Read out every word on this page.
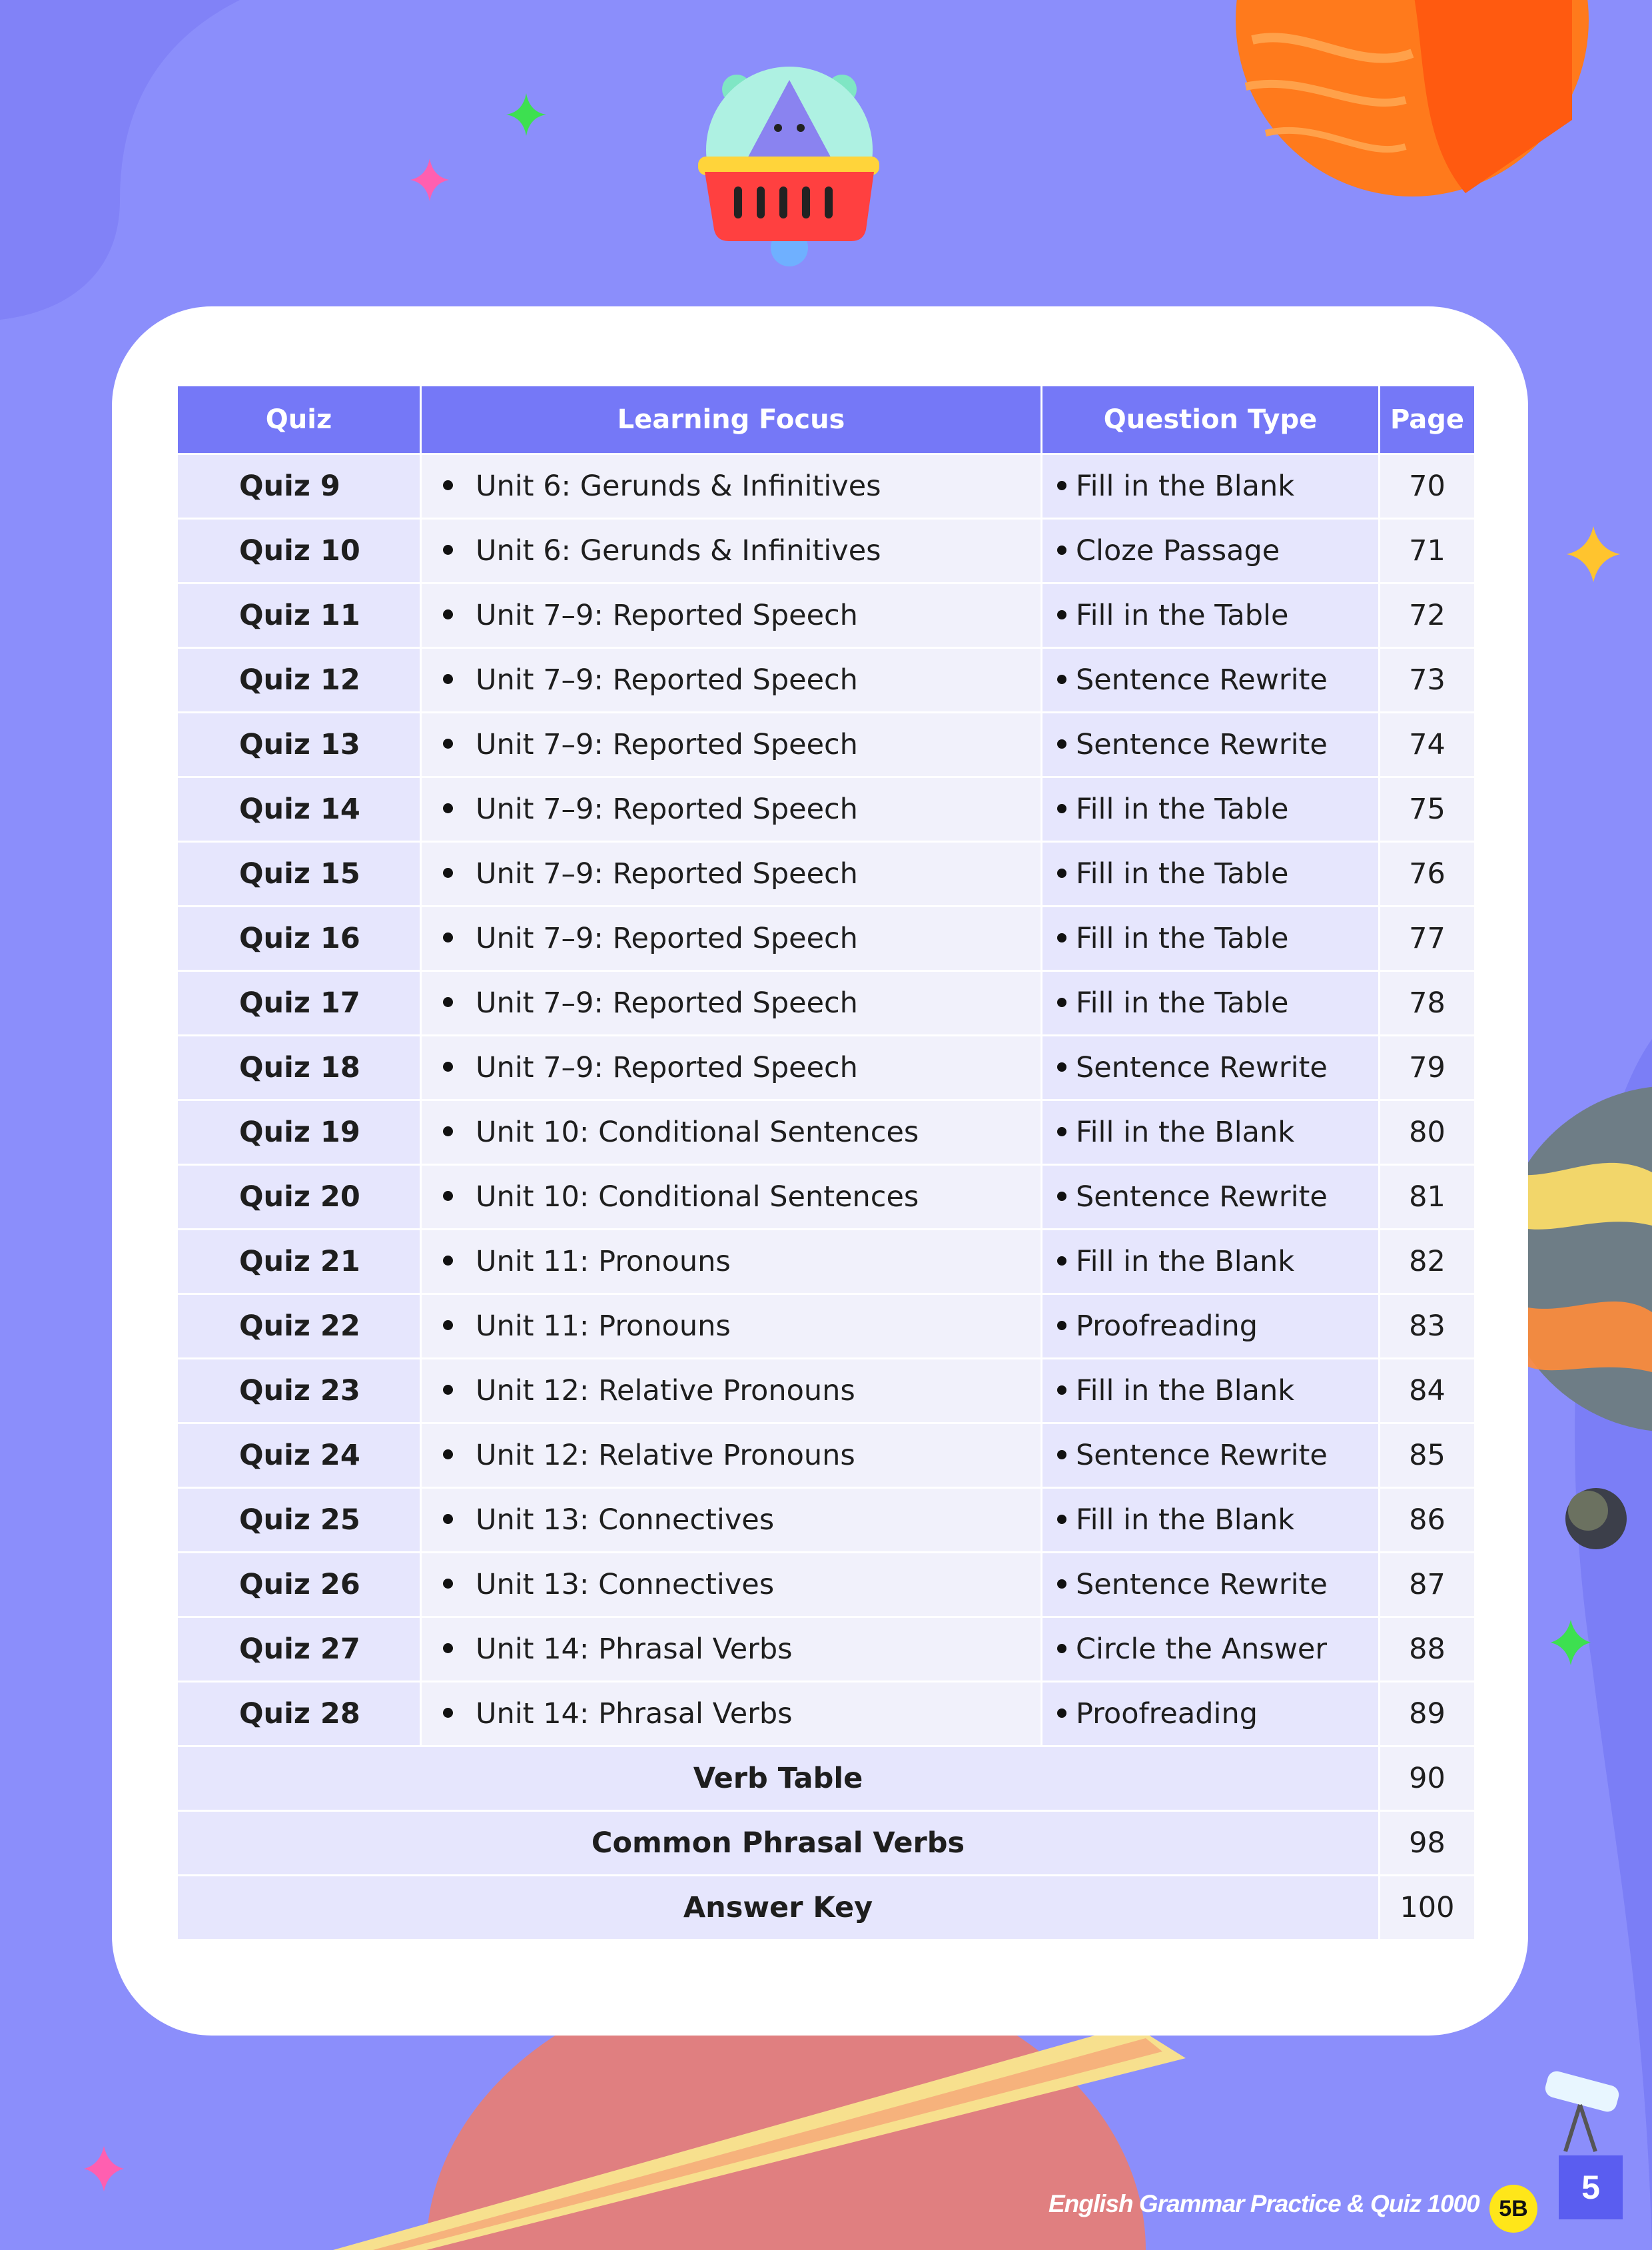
Quiz	Learning Focus	Question Type	Page
Quiz 9	Unit 6: Gerunds & Infinitives	Fill in the Blank	70
Quiz 10	Unit 6: Gerunds & Infinitives	Cloze Passage	71
Quiz 11	Unit 7–9: Reported Speech	Fill in the Table	72
Quiz 12	Unit 7–9: Reported Speech	Sentence Rewrite	73
Quiz 13	Unit 7–9: Reported Speech	Sentence Rewrite	74
Quiz 14	Unit 7–9: Reported Speech	Fill in the Table	75
Quiz 15	Unit 7–9: Reported Speech	Fill in the Table	76
Quiz 16	Unit 7–9: Reported Speech	Fill in the Table	77
Quiz 17	Unit 7–9: Reported Speech	Fill in the Table	78
Quiz 18	Unit 7–9: Reported Speech	Sentence Rewrite	79
Quiz 19	Unit 10: Conditional Sentences	Fill in the Blank	80
Quiz 20	Unit 10: Conditional Sentences	Sentence Rewrite	81
Quiz 21	Unit 11: Pronouns	Fill in the Blank	82
Quiz 22	Unit 11: Pronouns	Proofreading	83
Quiz 23	Unit 12: Relative Pronouns	Fill in the Blank	84
Quiz 24	Unit 12: Relative Pronouns	Sentence Rewrite	85
Quiz 25	Unit 13: Connectives	Fill in the Blank	86
Quiz 26	Unit 13: Connectives	Sentence Rewrite	87
Quiz 27	Unit 14: Phrasal Verbs	Circle the Answer	88
Quiz 28	Unit 14: Phrasal Verbs	Proofreading	89
Verb Table			90
Common Phrasal Verbs			98
Answer Key			100
English Grammar Practice & Quiz 1000 5B
5
